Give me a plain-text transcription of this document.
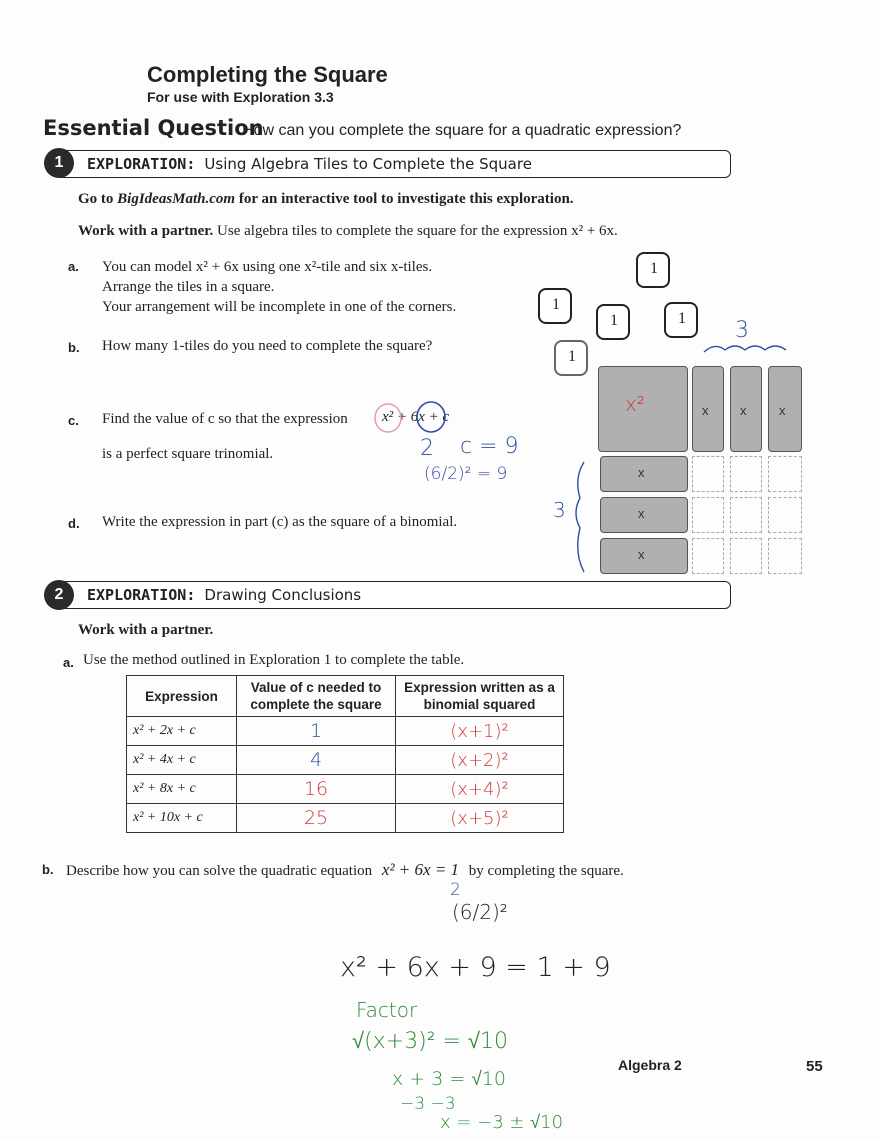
Completing the Square
For use with Exploration 3.3
Essential Question
How can you complete the square for a quadratic expression?
1	EXPLORATION: Using Algebra Tiles to Complete the Square
Go to BigIdeasMath.com for an interactive tool to investigate this exploration.
Work with a partner. Use algebra tiles to complete the square for the expression x² + 6x.
a. You can model x² + 6x using one x²-tile and six x-tiles.
Arrange the tiles in a square.
Your arrangement will be incomplete in one of the corners.
b. How many 1-tiles do you need to complete the square?
c. Find the value of c so that the expression x² + 6x + c
is a perfect square trinomial.	2 c = 9
(6/2)² = 9
d. Write the expression in part (c) as the square of a binomial.
1
1
1	1
1
3
x²	x x	x
x
x
x
3
2	EXPLORATION: Drawing Conclusions
Work with a partner.
a. Use the method outlined in Exploration 1 to complete the table.
Expression	Value of c needed to complete the square	Expression written as a binomial squared
x² + 2x + c	1	(x+1)²
x² + 4x + c	4	(x+2)²
x² + 8x + c	16	(x+4)²
x² + 10x + c	25	(x+5)²
b. Describe how you can solve the quadratic equation x² + 6x = 1 by completing the square.
2
(6/2)²
x² + 6x + 9 = 1 + 9
Factor
√(x+3)² = √10
x + 3 = √10
−3 −3
x = −3 ± √10
Algebra 2	55
